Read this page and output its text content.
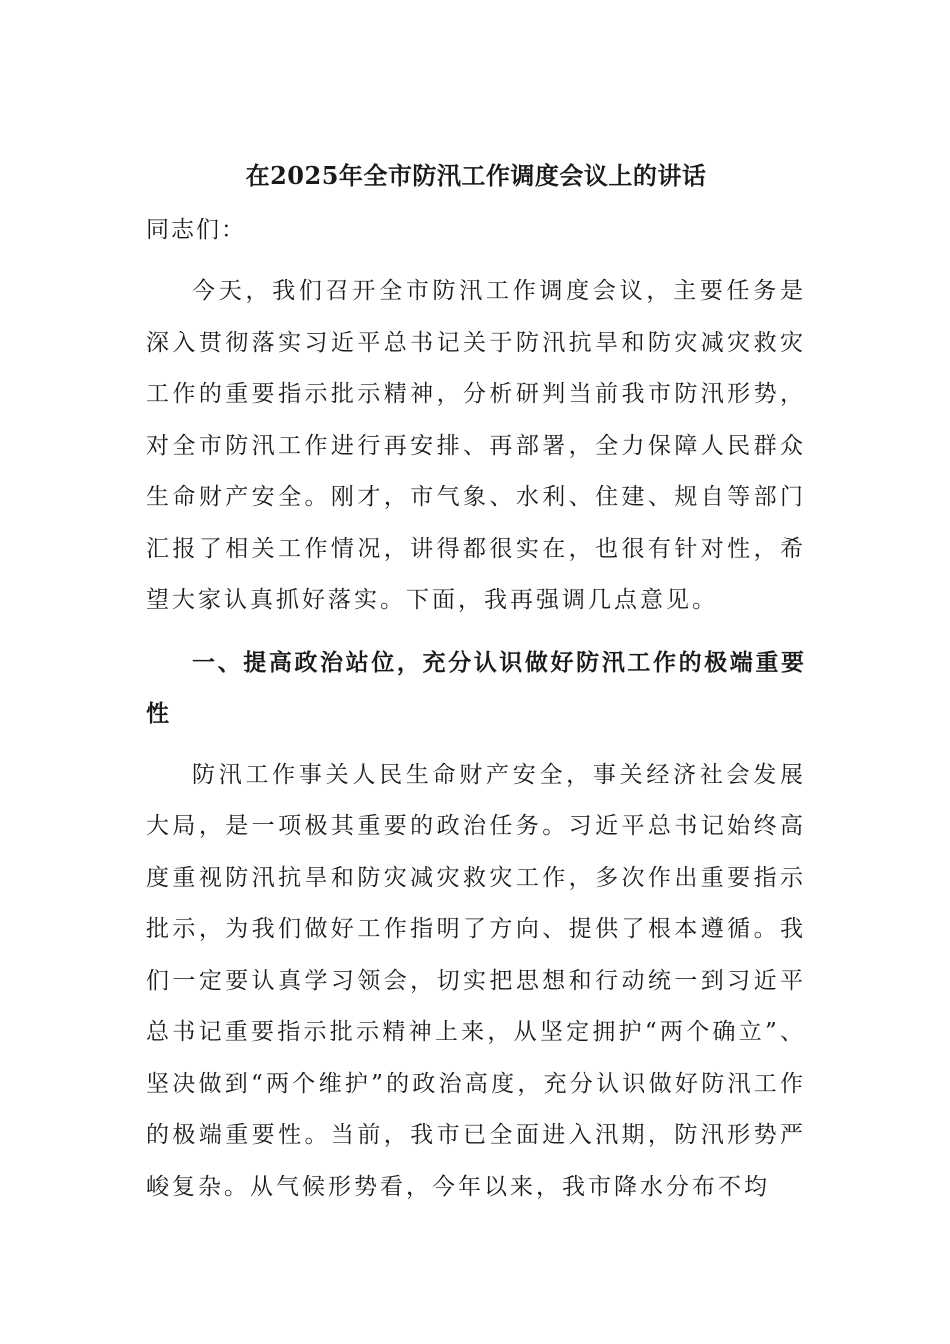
在2025年全市防汛工作调度会议上的讲话
同志们：

今天，我们召开全市防汛工作调度会议，主要任务是深入贯彻落实习近平总书记关于防汛抗旱和防灾减灾救灾工作的重要指示批示精神，分析研判当前我市防汛形势，对全市防汛工作进行再安排、再部署，全力保障人民群众生命财产安全。刚才，市气象、水利、住建、规自等部门汇报了相关工作情况，讲得都很实在，也很有针对性，希望大家认真抓好落实。下面，我再强调几点意见。

一、提高政治站位，充分认识做好防汛工作的极端重要性

防汛工作事关人民生命财产安全，事关经济社会发展大局，是一项极其重要的政治任务。习近平总书记始终高度重视防汛抗旱和防灾减灾救灾工作，多次作出重要指示批示，为我们做好工作指明了方向、提供了根本遵循。我们一定要认真学习领会，切实把思想和行动统一到习近平总书记重要指示批示精神上来，从坚定拥护“两个确立”、坚决做到“两个维护”的政治高度，充分认识做好防汛工作的极端重要性。当前，我市已全面进入汛期，防汛形势严峻复杂。从气候形势看，今年以来，我市降水分布不均
